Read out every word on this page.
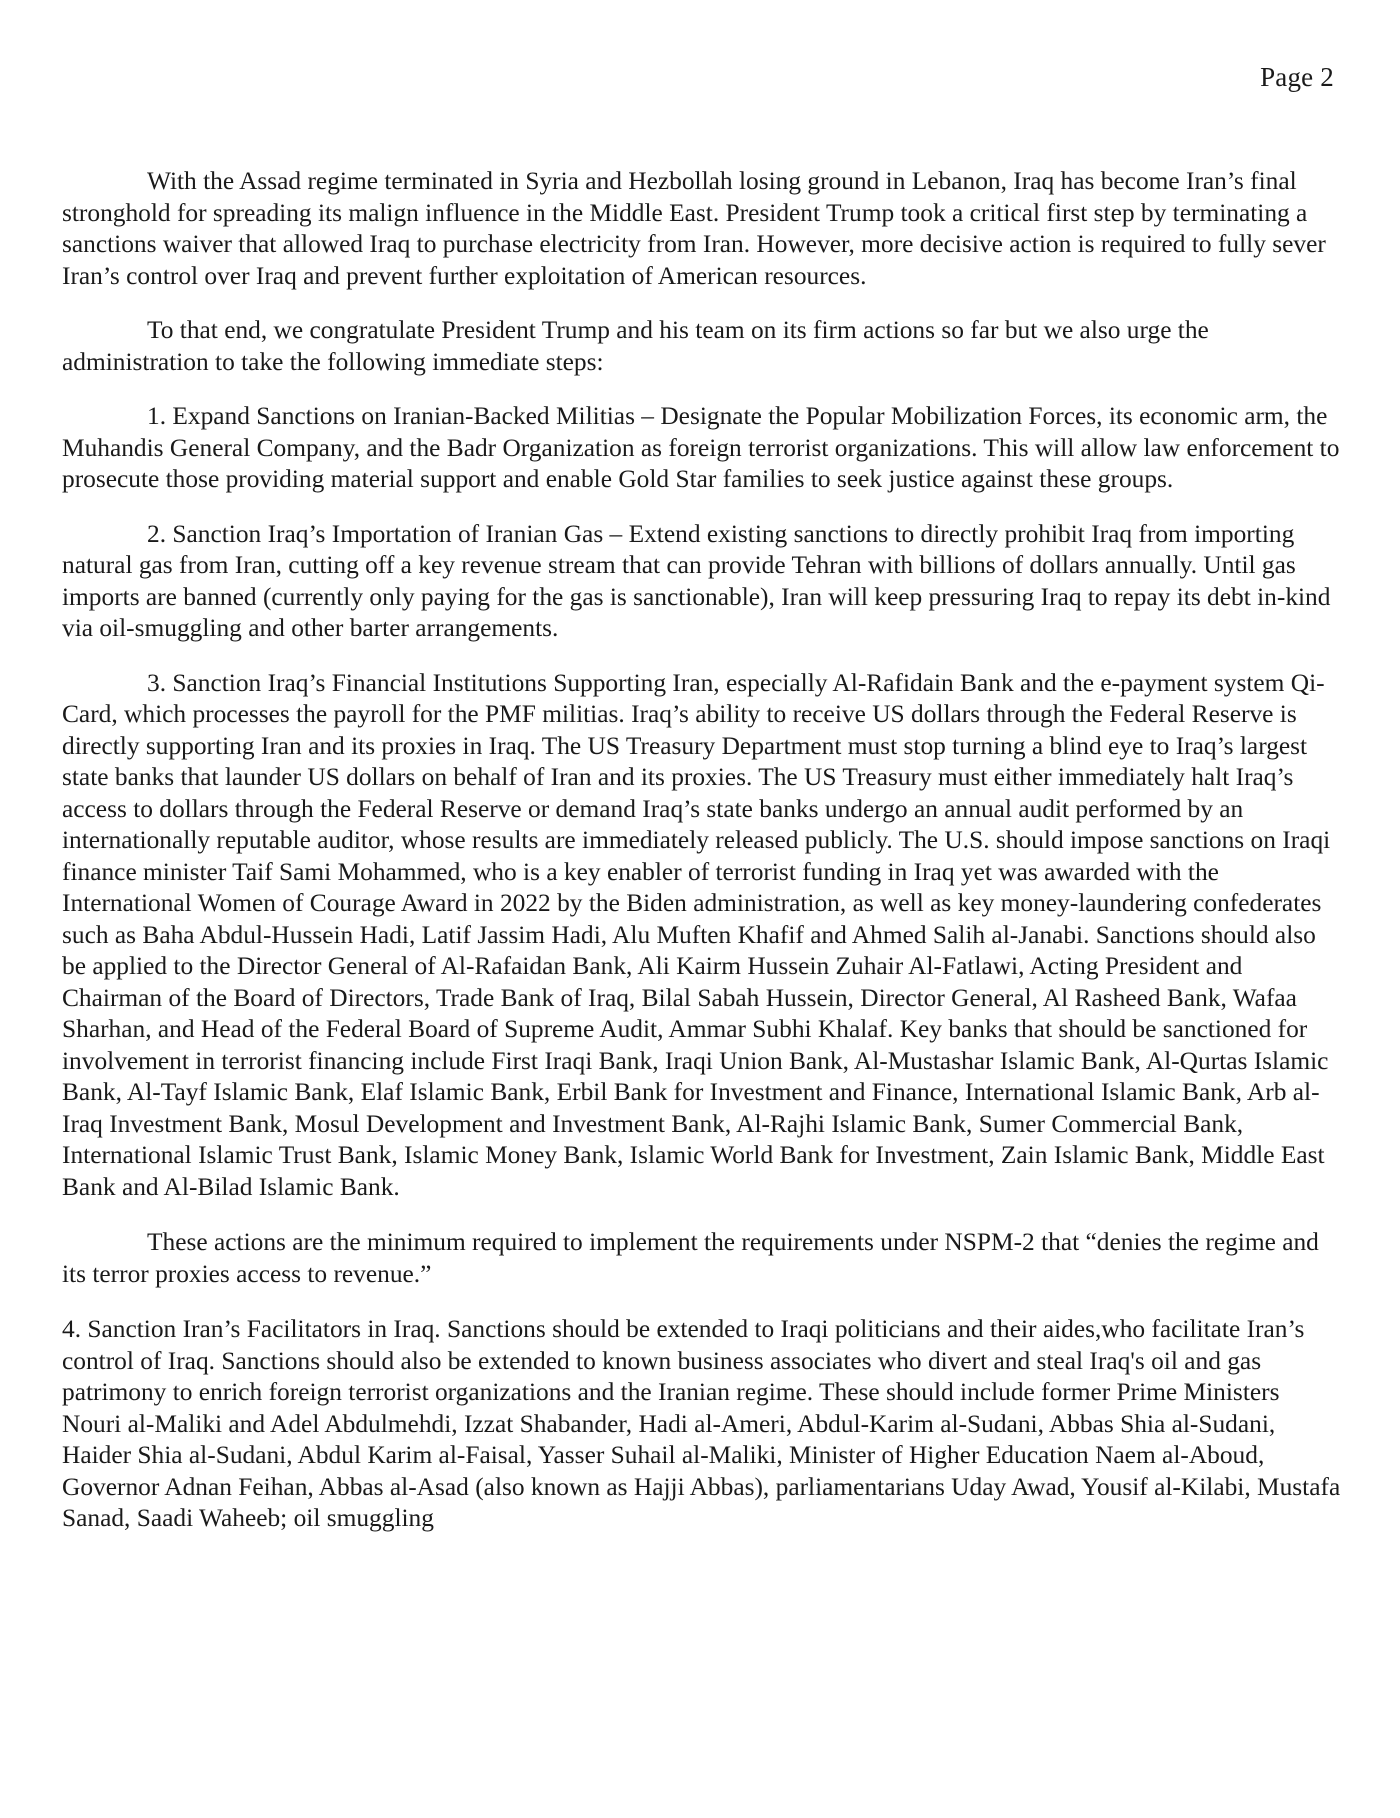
Page 2

With the Assad regime terminated in Syria and Hezbollah losing ground in Lebanon, Iraq has become Iran’s final stronghold for spreading its malign influence in the Middle East. President Trump took a critical first step by terminating a sanctions waiver that allowed Iraq to purchase electricity from Iran. However, more decisive action is required to fully sever Iran’s control over Iraq and prevent further exploitation of American resources.

To that end, we congratulate President Trump and his team on its firm actions so far but we also urge the administration to take the following immediate steps:

1. Expand Sanctions on Iranian-Backed Militias – Designate the Popular Mobilization Forces, its economic arm, the Muhandis General Company, and the Badr Organization as foreign terrorist organizations. This will allow law enforcement to prosecute those providing material support and enable Gold Star families to seek justice against these groups.

2. Sanction Iraq’s Importation of Iranian Gas – Extend existing sanctions to directly prohibit Iraq from importing natural gas from Iran, cutting off a key revenue stream that can provide Tehran with billions of dollars annually. Until gas imports are banned (currently only paying for the gas is sanctionable), Iran will keep pressuring Iraq to repay its debt in-kind via oil-smuggling and other barter arrangements.

3. Sanction Iraq’s Financial Institutions Supporting Iran, especially Al-Rafidain Bank and the e-payment system Qi-Card, which processes the payroll for the PMF militias. Iraq’s ability to receive US dollars through the Federal Reserve is directly supporting Iran and its proxies in Iraq. The US Treasury Department must stop turning a blind eye to Iraq’s largest state banks that launder US dollars on behalf of Iran and its proxies. The US Treasury must either immediately halt Iraq’s access to dollars through the Federal Reserve or demand Iraq’s state banks undergo an annual audit performed by an internationally reputable auditor, whose results are immediately released publicly. The U.S. should impose sanctions on Iraqi finance minister Taif Sami Mohammed, who is a key enabler of terrorist funding in Iraq yet was awarded with the International Women of Courage Award in 2022 by the Biden administration, as well as key money-laundering confederates such as Baha Abdul-Hussein Hadi, Latif Jassim Hadi, Alu Muften Khafif and Ahmed Salih al-Janabi. Sanctions should also be applied to the Director General of Al-Rafaidan Bank, Ali Kairm Hussein Zuhair Al-Fatlawi, Acting President and Chairman of the Board of Directors, Trade Bank of Iraq, Bilal Sabah Hussein, Director General, Al Rasheed Bank, Wafaa Sharhan, and Head of the Federal Board of Supreme Audit, Ammar Subhi Khalaf. Key banks that should be sanctioned for involvement in terrorist financing include First Iraqi Bank, Iraqi Union Bank, Al-Mustashar Islamic Bank, Al-Qurtas Islamic Bank, Al-Tayf Islamic Bank, Elaf Islamic Bank, Erbil Bank for Investment and Finance, International Islamic Bank, Arb al-Iraq Investment Bank, Mosul Development and Investment Bank, Al-Rajhi Islamic Bank, Sumer Commercial Bank, International Islamic Trust Bank, Islamic Money Bank, Islamic World Bank for Investment, Zain Islamic Bank, Middle East Bank and Al-Bilad Islamic Bank.

These actions are the minimum required to implement the requirements under NSPM-2 that “denies the regime and its terror proxies access to revenue.”

4. Sanction Iran’s Facilitators in Iraq. Sanctions should be extended to Iraqi politicians and their aides,who facilitate Iran’s control of Iraq. Sanctions should also be extended to known business associates who divert and steal Iraq's oil and gas patrimony to enrich foreign terrorist organizations and the Iranian regime. These should include former Prime Ministers Nouri al-Maliki and Adel Abdulmehdi, Izzat Shabander, Hadi al-Ameri, Abdul-Karim al-Sudani, Abbas Shia al-Sudani, Haider Shia al-Sudani, Abdul Karim al-Faisal, Yasser Suhail al-Maliki, Minister of Higher Education Naem al-Aboud, Governor Adnan Feihan, Abbas al-Asad (also known as Hajji Abbas), parliamentarians Uday Awad, Yousif al-Kilabi, Mustafa Sanad, Saadi Waheeb; oil smuggling
